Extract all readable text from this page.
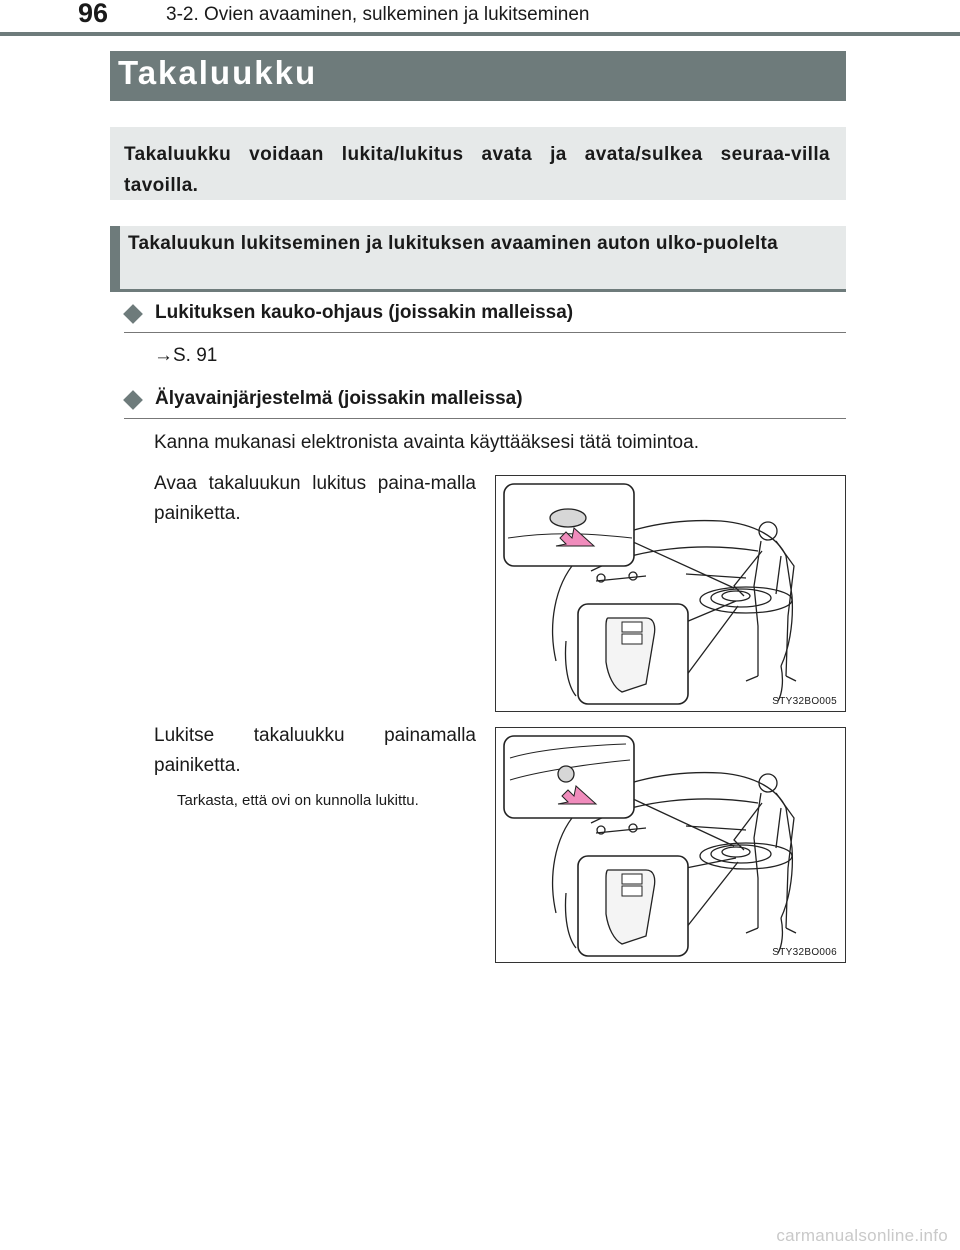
96	3-2. Ovien avaaminen, sulkeminen ja lukitseminen
Takaluukku

Takaluukku voidaan lukita/lukitus avata ja avata/sulkea seuraa-villa tavoilla.

Takaluukun lukitseminen ja lukituksen avaaminen auton ulko-puolelta

Lukituksen kauko-ohjaus (joissakin malleissa)
→S. 91
Älyavainjärjestelmä (joissakin malleissa)
Kanna mukanasi elektronista avainta käyttääksesi tätä toimintoa.

Avaa takaluukun lukitus paina-malla painiketta.

Lukitse takaluukku painamalla painiketta.

Tarkasta, että ovi on kunnolla lukittu.

STY32BO005
STY32BO006
carmanualsonline.info
